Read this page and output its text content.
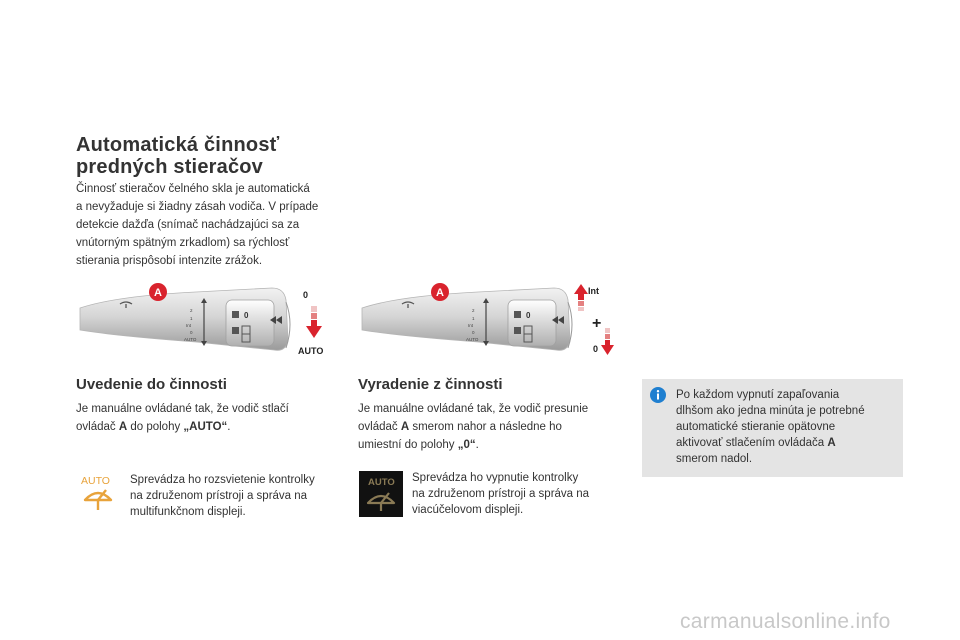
Automatická činnosť
predných stieračov
Činnosť stieračov čelného skla je automatická
a nevyžaduje si žiadny zásah vodiča. V prípade
detekcie dažďa (snímač nachádzajúci sa za
vnútorným spätným zrkadlom) sa rýchlosť
stierania prispôsobí intenzite zrážok.
2
1
Int
0
AUTO
0
A	0
AUTO
2
1
Int
0
AUTO
0
A	Int
+
0
Uvedenie do činnosti
Je manuálne ovládané tak, že vodič stlačí
ovládač A do polohy „AUTO“.
AUTO Sprevádza ho rozsvietenie kontrolky
na združenom prístroji a správa na
multifunkčnom displeji.
Vyradenie z činnosti
Je manuálne ovládané tak, že vodič presunie
ovládač A smerom nahor a následne ho
umiestní do polohy „0“.
AUTO Sprevádza ho vypnutie kontrolky
na združenom prístroji a správa na
viacúčelovom displeji.
Po každom vypnutí zapaľovania
dlhšom ako jedna minúta je potrebné
automatické stieranie opätovne
aktivovať stlačením ovládača A
smerom nadol.
carmanualsonline.info
